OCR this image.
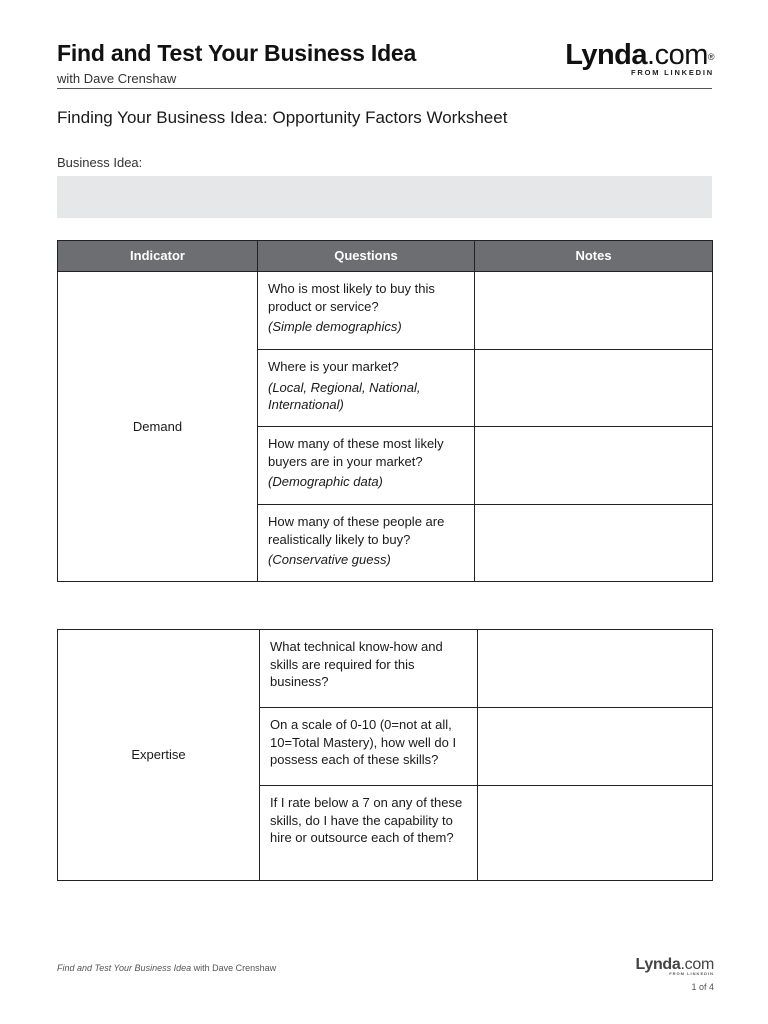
Find and Test Your Business Idea
with Dave Crenshaw
Lynda.com®
FROM LINKEDIN
Finding Your Business Idea: Opportunity Factors Worksheet
Business Idea:
Indicator	Questions	Notes
Demand	Who is most likely to buy this product or service?
(Simple demographics)	

	Where is your market?
(Local, Regional, National, International)	

	How many of these most likely buyers are in your market?
(Demographic data)	

	How many of these people are realistically likely to buy?
(Conservative guess)	

Expertise	What technical know-how and skills are required for this business?	
	On a scale of 0-10 (0=not at all, 10=Total Mastery), how well do I possess each of these skills?	
	If I rate below a 7 on any of these skills, do I have the capability to hire or outsource each of them?	
Find and Test Your Business Idea with Dave Crenshaw	Lynda.com
FROM LINKEDIN
1 of 4
